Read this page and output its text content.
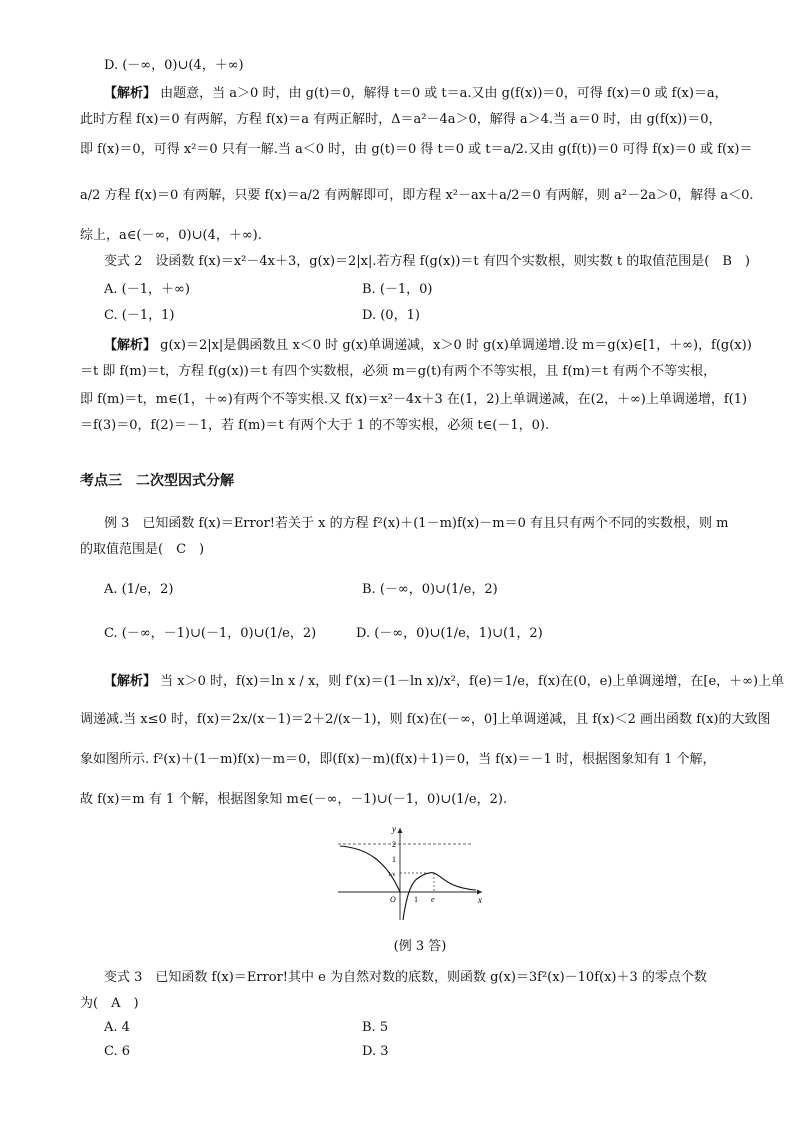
D. (－∞，0)∪(4，＋∞)
【解析】 由题意，当 a＞0 时，由 g(t)＝0，解得 t＝0 或 t＝a.又由 g(f(x))＝0，可得 f(x)＝0 或 f(x)＝a，
此时方程 f(x)＝0 有两解，方程 f(x)＝a 有两正解时，Δ＝a²－4a＞0，解得 a＞4.当 a＝0 时，由 g(f(x))＝0，
即 f(x)＝0，可得 x²＝0 只有一解.当 a＜0 时，由 g(t)＝0 得 t＝0 或 t＝a/2.又由 g(f(t))＝0 可得 f(x)＝0 或 f(x)＝
a/2 方程 f(x)＝0 有两解，只要 f(x)＝a/2 有两解即可，即方程 x²－ax＋a/2＝0 有两解，则 a²－2a＞0，解得 a＜0.
综上，a∈(－∞，0)∪(4，＋∞).
变式 2　设函数 f(x)＝x²－4x＋3，g(x)＝2|x|.若方程 f(g(x))＝t 有四个实数根，则实数 t 的取值范围是(　B　)
A. (－1，＋∞)	B. (－1，0)
C. (－1，1)	D. (0，1)
【解析】 g(x)＝2|x|是偶函数且 x＜0 时 g(x)单调递减，x＞0 时 g(x)单调递增.设 m＝g(x)∈[1，＋∞)，f(g(x))
＝t 即 f(m)＝t，方程 f(g(x))＝t 有四个实数根，必须 m＝g(t)有两个不等实根，且 f(m)＝t 有两个不等实根，
即 f(m)＝t，m∈(1，＋∞)有两个不等实根.又 f(x)＝x²－4x＋3 在(1，2)上单调递减，在(2，＋∞)上单调递增，f(1)
＝f(3)＝0，f(2)＝－1，若 f(m)＝t 有两个大于 1 的不等实根，必须 t∈(－1，0).
考点三　二次型因式分解
例 3　已知函数 f(x)＝Error!若关于 x 的方程 f²(x)＋(1－m)f(x)－m＝0 有且只有两个不同的实数根，则 m
的取值范围是(　C　)
A. (1/e，2)	B. (－∞，0)∪(1/e，2)
C. (－∞，－1)∪(－1，0)∪(1/e，2)	D. (－∞，0)∪(1/e，1)∪(1，2)
【解析】 当 x＞0 时，f(x)＝ln x / x，则 f′(x)＝(1－ln x)/x²，f(e)＝1/e，f(x)在(0，e)上单调递增，在[e，＋∞)上单
调递减.当 x≤0 时，f(x)＝2x/(x－1)＝2＋2/(x－1)，则 f(x)在(－∞，0]上单调递减，且 f(x)＜2 画出函数 f(x)的大致图
象如图所示. f²(x)＋(1－m)f(x)－m＝0，即(f(x)－m)(f(x)＋1)＝0，当 f(x)＝－1 时，根据图象知有 1 个解，
故 f(x)＝m 有 1 个解，根据图象知 m∈(－∞，－1)∪(－1，0)∪(1/e，2).
y
x
2
1
O 1 e
1/e
(例 3 答)
变式 3　已知函数 f(x)＝Error!其中 e 为自然对数的底数，则函数 g(x)＝3f²(x)－10f(x)＋3 的零点个数
为(　A　)
A. 4	B. 5
C. 6	D. 3
